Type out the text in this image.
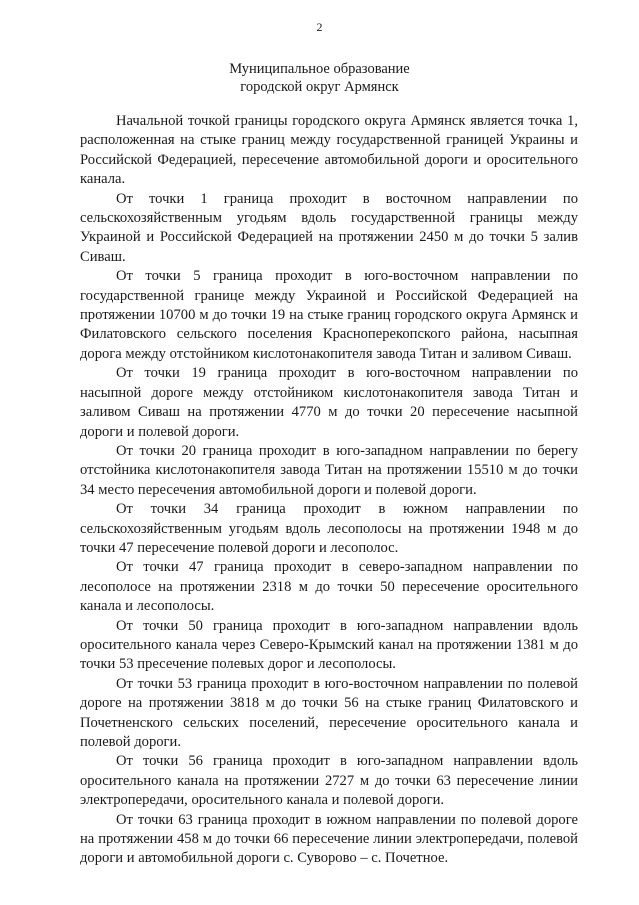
2
Муниципальное образование
городской округ Армянск

Начальной точкой границы городского округа Армянск является точка 1, расположенная на стыке границ между государственной границей Украины и Российской Федерацией, пересечение автомобильной дороги и оросительного канала.

От точки 1 граница проходит в восточном направлении по сельскохозяйственным угодьям вдоль государственной границы между Украиной и Российской Федерацией на протяжении 2450 м до точки 5 залив Сиваш.

От точки 5 граница проходит в юго-восточном направлении по государственной границе между Украиной и Российской Федерацией на протяжении 10700 м до точки 19 на стыке границ городского округа Армянск и Филатовского сельского поселения Красноперекопского района, насыпная дорога между отстойником кислотонакопителя завода Титан и заливом Сиваш.

От точки 19 граница проходит в юго-восточном направлении по насыпной дороге между отстойником кислотонакопителя завода Титан и заливом Сиваш на протяжении 4770 м до точки 20 пересечение насыпной дороги и полевой дороги.

От точки 20 граница проходит в юго-западном направлении по берегу отстойника кислотонакопителя завода Титан на протяжении 15510 м до точки 34 место пересечения автомобильной дороги и полевой дороги.

От точки 34 граница проходит в южном направлении по сельскохозяйственным угодьям вдоль лесополосы на протяжении 1948 м до точки 47 пересечение полевой дороги и лесополос.

От точки 47 граница проходит в северо-западном направлении по лесополосе на протяжении 2318 м до точки 50 пересечение оросительного канала и лесополосы.

От точки 50 граница проходит в юго-западном направлении вдоль оросительного канала через Северо-Крымский канал на протяжении 1381 м до точки 53 пресечение полевых дорог и лесополосы.

От точки 53 граница проходит в юго-восточном направлении по полевой дороге на протяжении 3818 м до точки 56 на стыке границ Филатовского и Почетненского сельских поселений, пересечение оросительного канала и полевой дороги.

От точки 56 граница проходит в юго-западном направлении вдоль оросительного канала на протяжении 2727 м до точки 63 пересечение линии электропередачи, оросительного канала и полевой дороги.

От точки 63 граница проходит в южном направлении по полевой дороге на протяжении 458 м до точки 66 пересечение линии электропередачи, полевой дороги и автомобильной дороги с. Суворово – с. Почетное.
